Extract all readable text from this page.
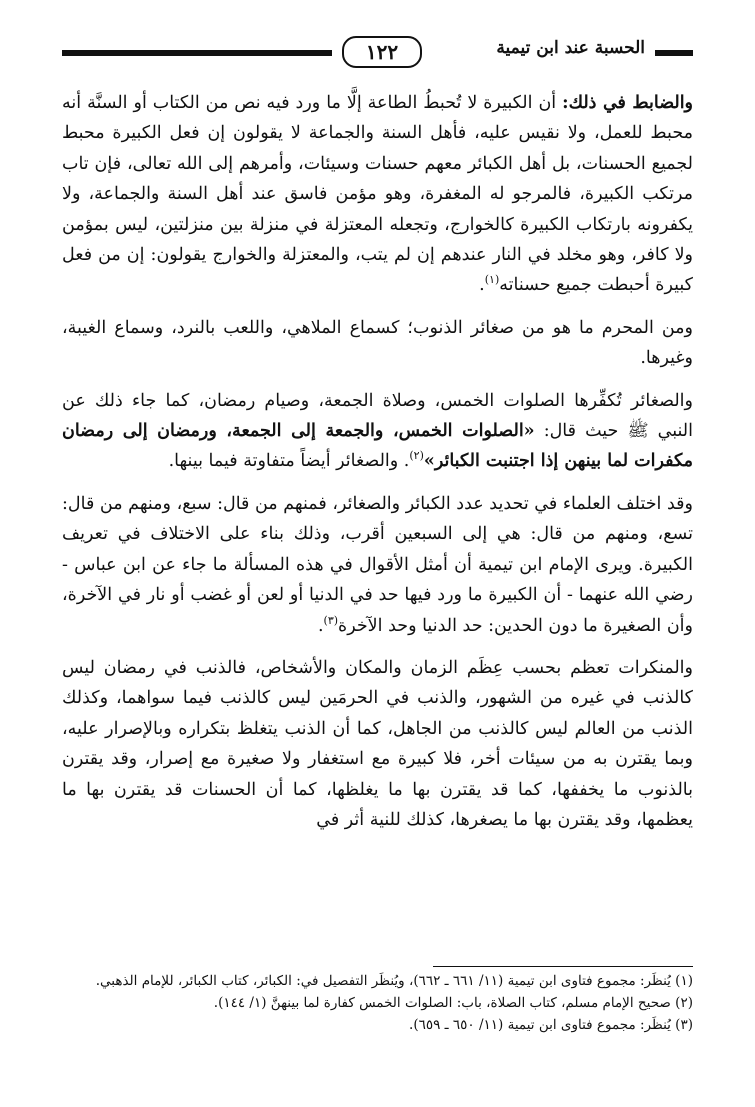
الحسبة عند ابن تيمية
١٢٢

والضابط في ذلك: أن الكبيرة لا تُحبطُ الطاعة إلَّا ما ورد فيه نص من الكتاب أو السنَّة أنه محبط للعمل، ولا نقيس عليه، فأهل السنة والجماعة لا يقولون إن فعل الكبيرة محبط لجميع الحسنات، بل أهل الكبائر معهم حسنات وسيئات، وأمرهم إلى الله تعالى، فإن تاب مرتكب الكبيرة، فالمرجو له المغفرة، وهو مؤمن فاسق عند أهل السنة والجماعة، ولا يكفرونه بارتكاب الكبيرة كالخوارج، وتجعله المعتزلة في منزلة بين منزلتين، ليس بمؤمن ولا كافر، وهو مخلد في النار عندهم إن لم يتب، والمعتزلة والخوارج يقولون: إن من فعل كبيرة أحبطت جميع حسناته$^{(١)}$.

ومن المحرم ما هو من صغائر الذنوب؛ كسماع الملاهي، واللعب بالنرد، وسماع الغيبة، وغيرها.

والصغائر تُكفِّرها الصلوات الخمس، وصلاة الجمعة، وصيام رمضان، كما جاء ذلك عن النبي ﷺ حيث قال: «الصلوات الخمس، والجمعة إلى الجمعة، ورمضان إلى رمضان مكفرات لما بينهن إذا اجتنبت الكبائر»$^{(٢)}$. والصغائر أيضاً متفاوتة فيما بينها.

وقد اختلف العلماء في تحديد عدد الكبائر والصغائر، فمنهم من قال: سبع، ومنهم من قال: تسع، ومنهم من قال: هي إلى السبعين أقرب، وذلك بناء على الاختلاف في تعريف الكبيرة. ويرى الإمام ابن تيمية أن أمثل الأقوال في هذه المسألة ما جاء عن ابن عباس - رضي الله عنهما - أن الكبيرة ما ورد فيها حد في الدنيا أو لعن أو غضب أو نار في الآخرة، وأن الصغيرة ما دون الحدين: حد الدنيا وحد الآخرة$^{(٣)}$.

والمنكرات تعظم بحسب عِظَم الزمان والمكان والأشخاص، فالذنب في رمضان ليس كالذنب في غيره من الشهور، والذنب في الحرمَين ليس كالذنب فيما سواهما، وكذلك الذنب من العالم ليس كالذنب من الجاهل، كما أن الذنب يتغلظ بتكراره وبالإصرار عليه، وبما يقترن به من سيئات أخر، فلا كبيرة مع استغفار ولا صغيرة مع إصرار، وقد يقترن بالذنوب ما يخففها، كما قد يقترن بها ما يغلظها، كما أن الحسنات قد يقترن بها ما يعظمها، وقد يقترن بها ما يصغرها، كذلك للنية أثر في

(١) يُنظَر: مجموع فتاوى ابن تيمية (١١/ ٦٦١ ـ ٦٦٢)، ويُنظَر التفصيل في: الكبائر، كتاب الكبائر، للإمام الذهبي.

(٢) صحيح الإمام مسلم، كتاب الصلاة، باب: الصلوات الخمس كفارة لما بينهنَّ (١/ ١٤٤).

(٣) يُنظَر: مجموع فتاوى ابن تيمية (١١/ ٦٥٠ ـ ٦٥٩).
